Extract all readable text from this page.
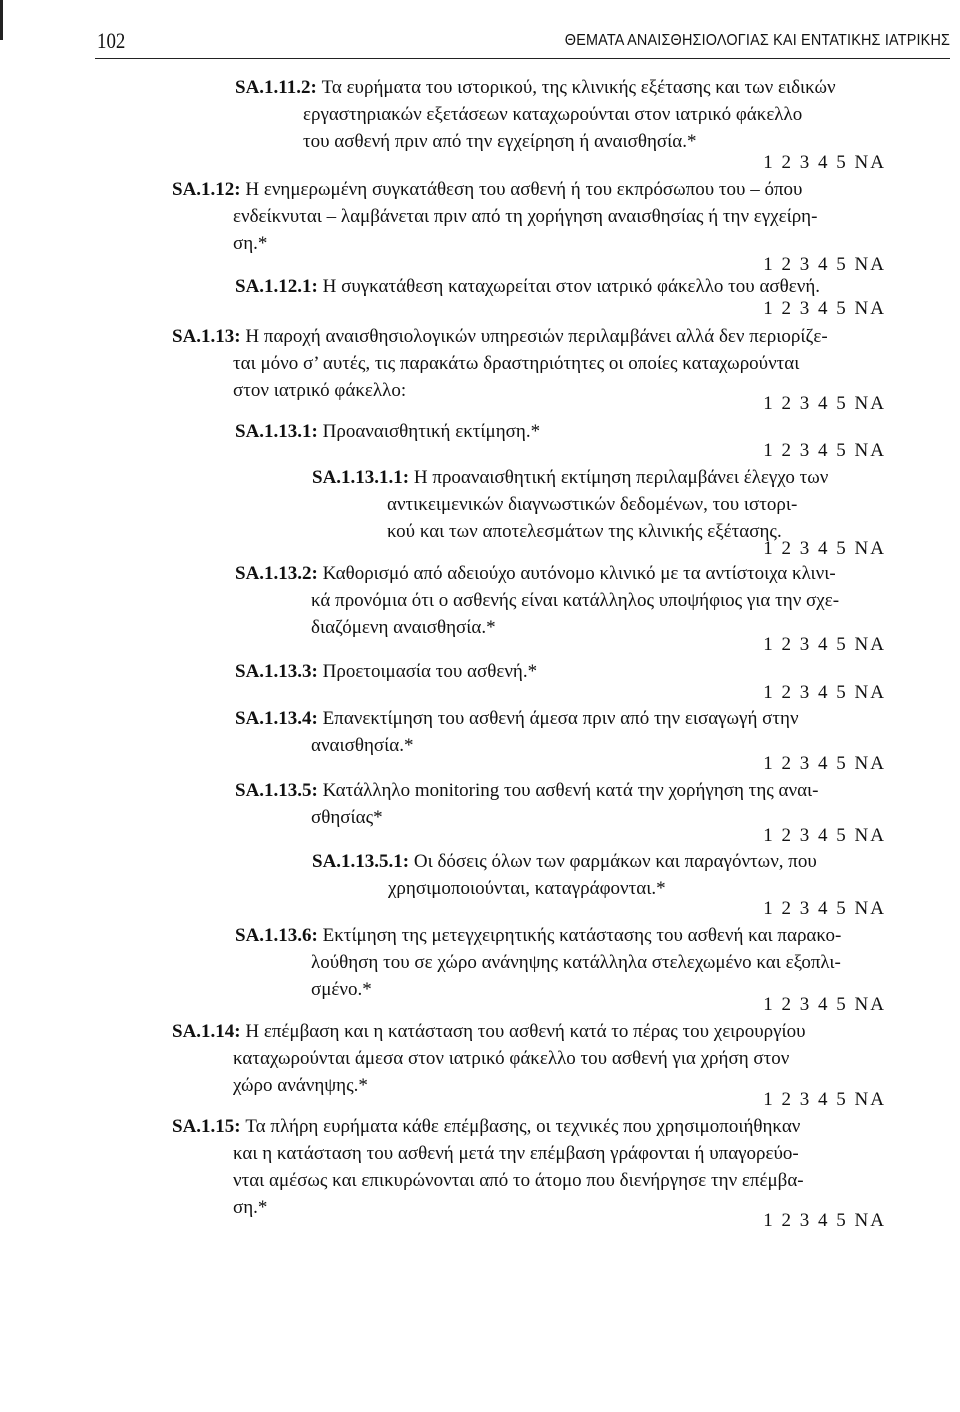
102	ΘΕΜΑΤΑ ΑΝΑΙΣΘΗΣΙΟΛΟΓΙΑΣ ΚΑΙ ΕΝΤΑΤΙΚΗΣ ΙΑΤΡΙΚΗΣ
SA.1.11.2: Τα ευρήματα του ιστορικού, της κλινικής εξέτασης και των ειδικών
εργαστηριακών εξετάσεων καταχωρούνται στον ιατρικό φάκελλο
του ασθενή πριν από την εγχείρηση ή αναισθησία.*
1 2 3 4 5 NA
SA.1.12: Η ενημερωμένη συγκατάθεση του ασθενή ή του εκπρόσωπου του – όπου
ενδείκνυται – λαμβάνεται πριν από τη χορήγηση αναισθησίας ή την εγχείρη-
ση.*
1 2 3 4 5 NA
SA.1.12.1: Η συγκατάθεση καταχωρείται στον ιατρικό φάκελλο του ασθενή.
1 2 3 4 5 NA
SA.1.13: Η παροχή αναισθησιολογικών υπηρεσιών περιλαμβάνει αλλά δεν περιορίζε-
ται μόνο σ’ αυτές, τις παρακάτω δραστηριότητες οι οποίες καταχωρούνται
στον ιατρικό φάκελλο:
1 2 3 4 5 NA
SA.1.13.1: Προαναισθητική εκτίμηση.*
1 2 3 4 5 NA
SA.1.13.1.1: Η προαναισθητική εκτίμηση περιλαμβάνει έλεγχο των
αντικειμενικών διαγνωστικών δεδομένων, του ιστορι-
κού και των αποτελεσμάτων της κλινικής εξέτασης.
1 2 3 4 5 NA
SA.1.13.2: Καθορισμό από αδειούχο αυτόνομο κλινικό με τα αντίστοιχα κλινι-
κά προνόμια ότι ο ασθενής είναι κατάλληλος υποψήφιος για την σχε-
διαζόμενη αναισθησία.*
1 2 3 4 5 NA
SA.1.13.3: Προετοιμασία του ασθενή.*
1 2 3 4 5 NA
SA.1.13.4: Επανεκτίμηση του ασθενή άμεσα πριν από την εισαγωγή στην
αναισθησία.*
1 2 3 4 5 NA
SA.1.13.5: Κατάλληλο monitoring του ασθενή κατά την χορήγηση της αναι-
σθησίας*
1 2 3 4 5 NA
SA.1.13.5.1: Οι δόσεις όλων των φαρμάκων και παραγόντων, που
χρησιμοποιούνται, καταγράφονται.*
1 2 3 4 5 NA
SA.1.13.6: Εκτίμηση της μετεγχειρητικής κατάστασης του ασθενή και παρακο-
λούθηση του σε χώρο ανάνηψης κατάλληλα στελεχωμένο και εξοπλι-
σμένο.*
1 2 3 4 5 NA
SA.1.14: Η επέμβαση και η κατάσταση του ασθενή κατά το πέρας του χειρουργίου
καταχωρούνται άμεσα στον ιατρικό φάκελλο του ασθενή για χρήση στον
χώρο ανάνηψης.*
1 2 3 4 5 NA
SA.1.15: Τα πλήρη ευρήματα κάθε επέμβασης, οι τεχνικές που χρησιμοποιήθηκαν
και η κατάσταση του ασθενή μετά την επέμβαση γράφονται ή υπαγορεύο-
νται αμέσως και επικυρώνονται από το άτομο που διενήργησε την επέμβα-
ση.*
1 2 3 4 5 NA
